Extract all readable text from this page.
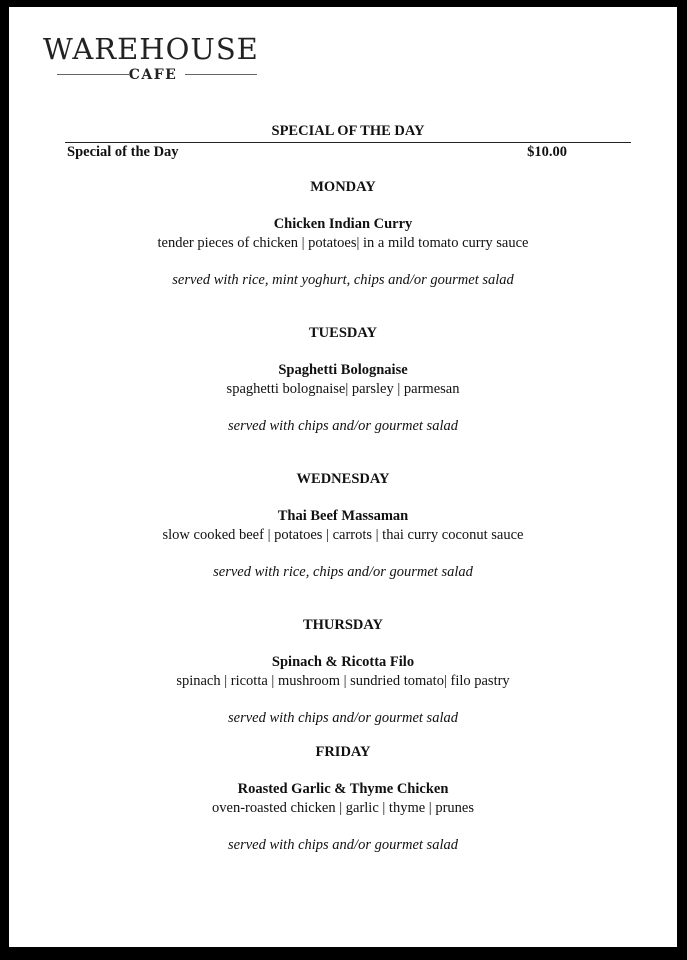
WAREHOUSE
CAFE
SPECIAL OF THE DAY
Special of the Day	$10.00
MONDAY
Chicken Indian Curry
tender pieces of chicken | potatoes| in a mild tomato curry sauce
served with rice, mint yoghurt, chips and/or gourmet salad
TUESDAY
Spaghetti Bolognaise
spaghetti bolognaise| parsley | parmesan
served with chips and/or gourmet salad
WEDNESDAY
Thai Beef Massaman
slow cooked beef | potatoes | carrots | thai curry coconut sauce
served with rice, chips and/or gourmet salad
THURSDAY
Spinach & Ricotta Filo
spinach | ricotta | mushroom | sundried tomato| filo pastry
served with chips and/or gourmet salad
FRIDAY
Roasted Garlic & Thyme Chicken
oven-roasted chicken | garlic | thyme | prunes
served with chips and/or gourmet salad
